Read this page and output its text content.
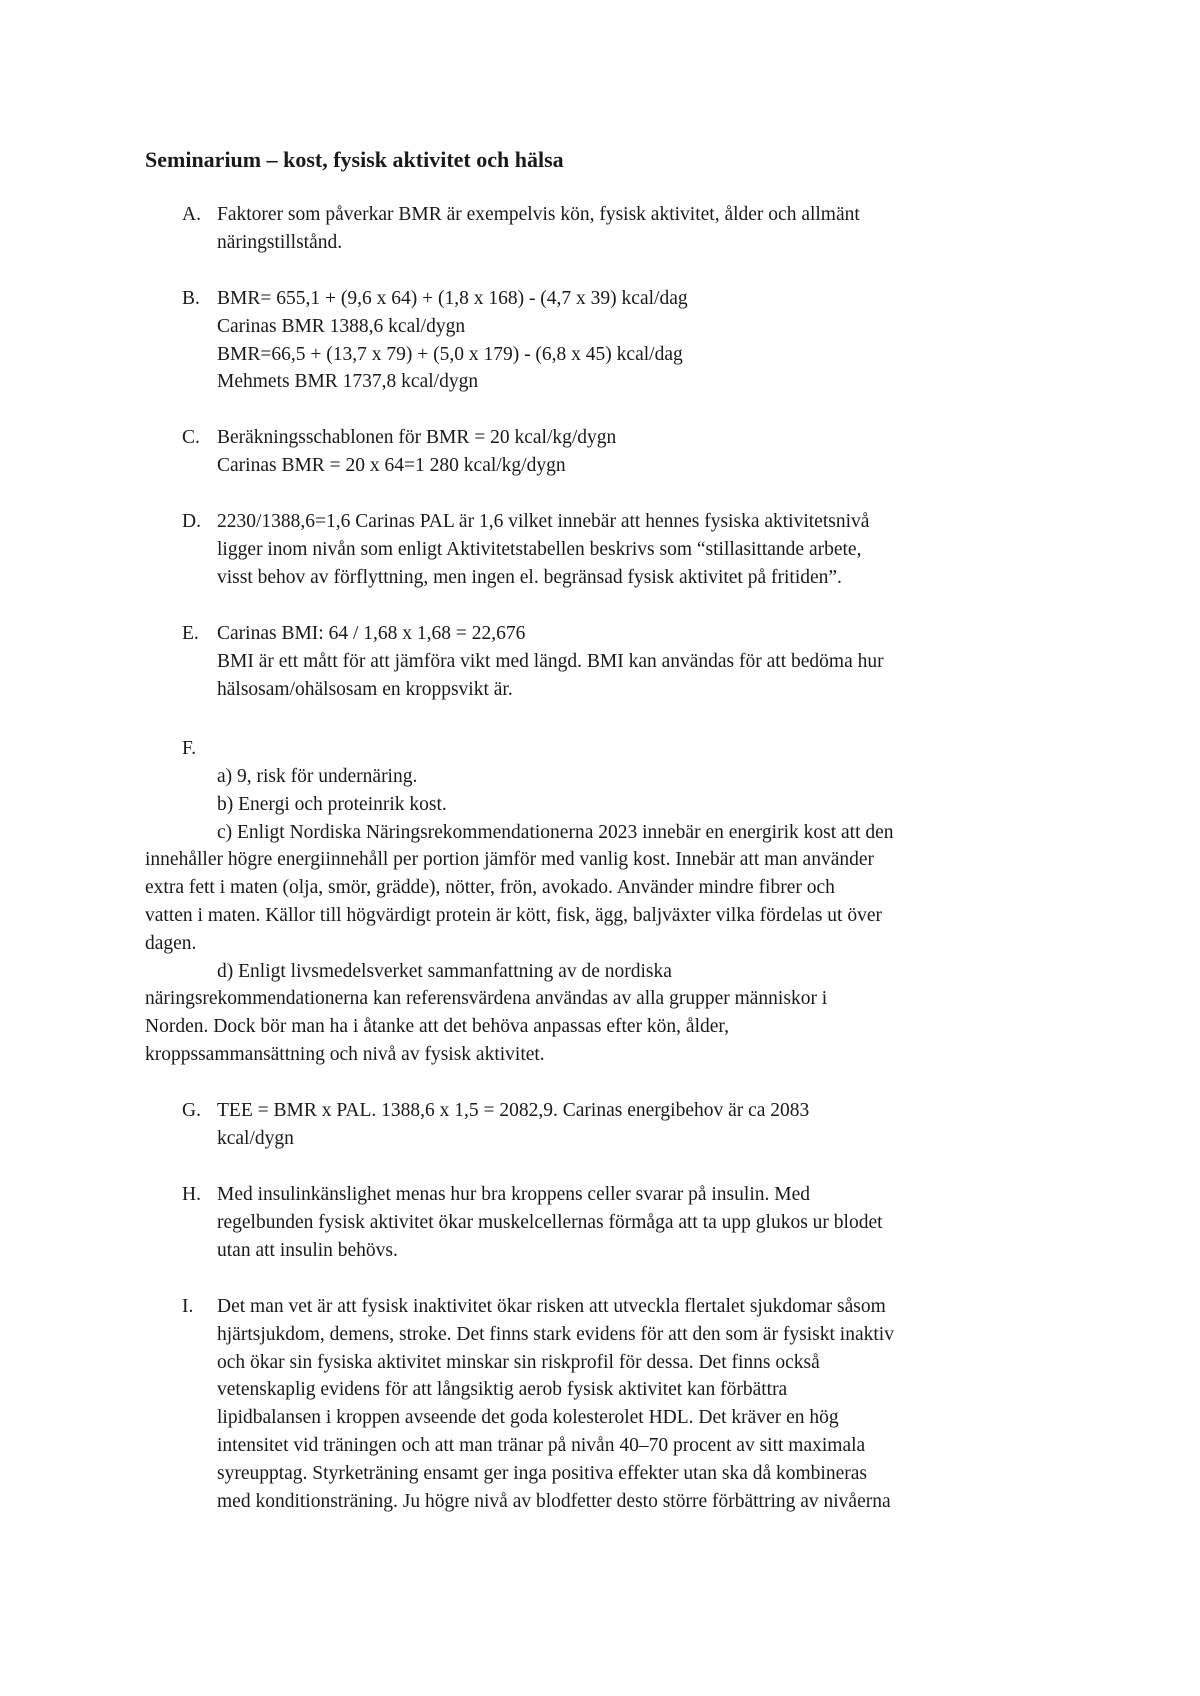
Seminarium – kost, fysisk aktivitet och hälsa
A. Faktorer som påverkar BMR är exempelvis kön, fysisk aktivitet, ålder och allmänt
näringstillstånd.
B. BMR= 655,1 + (9,6 x 64) + (1,8 x 168) - (4,7 x 39) kcal/dag
Carinas BMR 1388,6 kcal/dygn
BMR=66,5 + (13,7 x 79) + (5,0 x 179) - (6,8 x 45) kcal/dag
Mehmets BMR 1737,8 kcal/dygn
C. Beräkningsschablonen för BMR = 20 kcal/kg/dygn
Carinas BMR = 20 x 64=1 280 kcal/kg/dygn
D. 2230/1388,6=1,6 Carinas PAL är 1,6 vilket innebär att hennes fysiska aktivitetsnivå
ligger inom nivån som enligt Aktivitetstabellen beskrivs som “stillasittande arbete,
visst behov av förflyttning, men ingen el. begränsad fysisk aktivitet på fritiden”.
E. Carinas BMI: 64 / 1,68 x 1,68 = 22,676
BMI är ett mått för att jämföra vikt med längd. BMI kan användas för att bedöma hur
hälsosam/ohälsosam en kroppsvikt är.
F.
a) 9, risk för undernäring.
b) Energi och proteinrik kost.
c) Enligt Nordiska Näringsrekommendationerna 2023 innebär en energirik kost att den
innehåller högre energiinnehåll per portion jämför med vanlig kost. Innebär att man använder
extra fett i maten (olja, smör, grädde), nötter, frön, avokado. Använder mindre fibrer och
vatten i maten. Källor till högvärdigt protein är kött, fisk, ägg, baljväxter vilka fördelas ut över
dagen.
d) Enligt livsmedelsverket sammanfattning av de nordiska
näringsrekommendationerna kan referensvärdena användas av alla grupper människor i
Norden. Dock bör man ha i åtanke att det behöva anpassas efter kön, ålder,
kroppssammansättning och nivå av fysisk aktivitet.
G. TEE = BMR x PAL. 1388,6 x 1,5 = 2082,9. Carinas energibehov är ca 2083
kcal/dygn
H. Med insulinkänslighet menas hur bra kroppens celler svarar på insulin. Med
regelbunden fysisk aktivitet ökar muskelcellernas förmåga att ta upp glukos ur blodet
utan att insulin behövs.
I.	Det man vet är att fysisk inaktivitet ökar risken att utveckla flertalet sjukdomar såsom
hjärtsjukdom, demens, stroke. Det finns stark evidens för att den som är fysiskt inaktiv
och ökar sin fysiska aktivitet minskar sin riskprofil för dessa. Det finns också
vetenskaplig evidens för att långsiktig aerob fysisk aktivitet kan förbättra
lipidbalansen i kroppen avseende det goda kolesterolet HDL. Det kräver en hög
intensitet vid träningen och att man tränar på nivån 40–70 procent av sitt maximala
syreupptag. Styrketräning ensamt ger inga positiva effekter utan ska då kombineras
med konditionsträning. Ju högre nivå av blodfetter desto större förbättring av nivåerna
